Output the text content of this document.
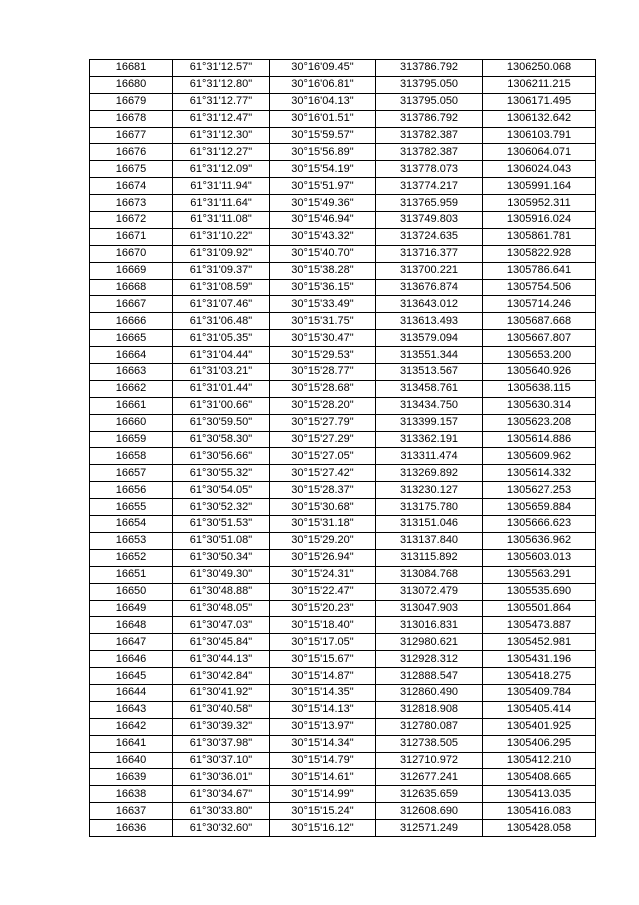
16681	61°31'12.57"	30°16'09.45"	313786.792	1306250.068
16680	61°31'12.80"	30°16'06.81"	313795.050	1306211.215
16679	61°31'12.77"	30°16'04.13"	313795.050	1306171.495
16678	61°31'12.47"	30°16'01.51"	313786.792	1306132.642
16677	61°31'12.30"	30°15'59.57"	313782.387	1306103.791
16676	61°31'12.27"	30°15'56.89"	313782.387	1306064.071
16675	61°31'12.09"	30°15'54.19"	313778.073	1306024.043
16674	61°31'11.94"	30°15'51.97"	313774.217	1305991.164
16673	61°31'11.64"	30°15'49.36"	313765.959	1305952.311
16672	61°31'11.08"	30°15'46.94"	313749.803	1305916.024
16671	61°31'10.22"	30°15'43.32"	313724.635	1305861.781
16670	61°31'09.92"	30°15'40.70"	313716.377	1305822.928
16669	61°31'09.37"	30°15'38.28"	313700.221	1305786.641
16668	61°31'08.59"	30°15'36.15"	313676.874	1305754.506
16667	61°31'07.46"	30°15'33.49"	313643.012	1305714.246
16666	61°31'06.48"	30°15'31.75"	313613.493	1305687.668
16665	61°31'05.35"	30°15'30.47"	313579.094	1305667.807
16664	61°31'04.44"	30°15'29.53"	313551.344	1305653.200
16663	61°31'03.21"	30°15'28.77"	313513.567	1305640.926
16662	61°31'01.44"	30°15'28.68"	313458.761	1305638.115
16661	61°31'00.66"	30°15'28.20"	313434.750	1305630.314
16660	61°30'59.50"	30°15'27.79"	313399.157	1305623.208
16659	61°30'58.30"	30°15'27.29"	313362.191	1305614.886
16658	61°30'56.66"	30°15'27.05"	313311.474	1305609.962
16657	61°30'55.32"	30°15'27.42"	313269.892	1305614.332
16656	61°30'54.05"	30°15'28.37"	313230.127	1305627.253
16655	61°30'52.32"	30°15'30.68"	313175.780	1305659.884
16654	61°30'51.53"	30°15'31.18"	313151.046	1305666.623
16653	61°30'51.08"	30°15'29.20"	313137.840	1305636.962
16652	61°30'50.34"	30°15'26.94"	313115.892	1305603.013
16651	61°30'49.30"	30°15'24.31"	313084.768	1305563.291
16650	61°30'48.88"	30°15'22.47"	313072.479	1305535.690
16649	61°30'48.05"	30°15'20.23"	313047.903	1305501.864
16648	61°30'47.03"	30°15'18.40"	313016.831	1305473.887
16647	61°30'45.84"	30°15'17.05"	312980.621	1305452.981
16646	61°30'44.13"	30°15'15.67"	312928.312	1305431.196
16645	61°30'42.84"	30°15'14.87"	312888.547	1305418.275
16644	61°30'41.92"	30°15'14.35"	312860.490	1305409.784
16643	61°30'40.58"	30°15'14.13"	312818.908	1305405.414
16642	61°30'39.32"	30°15'13.97"	312780.087	1305401.925
16641	61°30'37.98"	30°15'14.34"	312738.505	1305406.295
16640	61°30'37.10"	30°15'14.79"	312710.972	1305412.210
16639	61°30'36.01"	30°15'14.61"	312677.241	1305408.665
16638	61°30'34.67"	30°15'14.99"	312635.659	1305413.035
16637	61°30'33.80"	30°15'15.24"	312608.690	1305416.083
16636	61°30'32.60"	30°15'16.12"	312571.249	1305428.058
